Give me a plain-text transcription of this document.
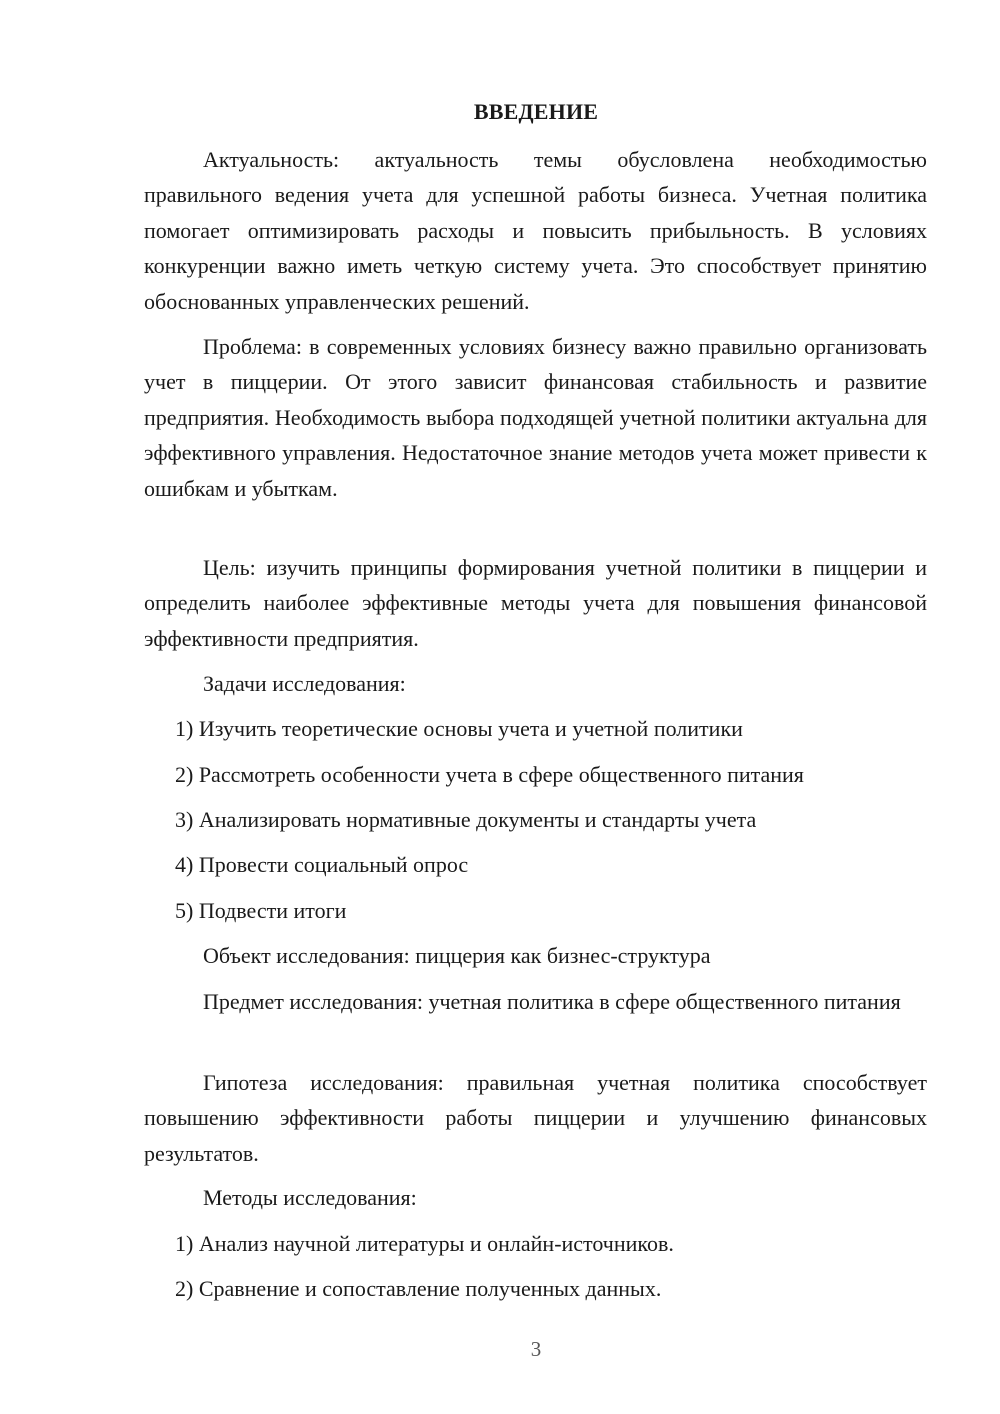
ВВЕДЕНИЕ

Актуальность: актуальность темы обусловлена необходимостью правильного ведения учета для успешной работы бизнеса. Учетная политика помогает оптимизировать расходы и повысить прибыльность. В условиях конкуренции важно иметь четкую систему учета. Это способствует принятию обоснованных управленческих решений.

Проблема: в современных условиях бизнесу важно правильно организовать учет в пиццерии. От этого зависит финансовая стабильность и развитие предприятия. Необходимость выбора подходящей учетной политики актуальна для эффективного управления. Недостаточное знание методов учета может привести к ошибкам и убыткам.

Цель: изучить принципы формирования учетной политики в пиццерии и определить наиболее эффективные методы учета для повышения финансовой эффективности предприятия.

Задачи исследования:

1) Изучить теоретические основы учета и учетной политики

2) Рассмотреть особенности учета в сфере общественного питания

3) Анализировать нормативные документы и стандарты учета

4) Провести социальный опрос

5) Подвести итоги

Объект исследования: пиццерия как бизнес-структура

Предмет исследования: учетная политика в сфере общественного питания

Гипотеза исследования: правильная учетная политика способствует повышению эффективности работы пиццерии и улучшению финансовых результатов.

Методы исследования:

1) Анализ научной литературы и онлайн-источников.

2) Сравнение и сопоставление полученных данных.

3
